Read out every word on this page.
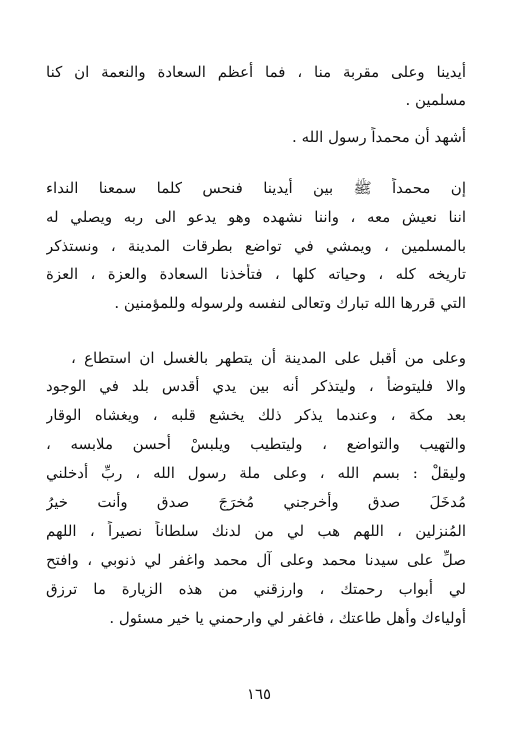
أيدينا وعلى مقربة منا ، فما أعظم السعادة والنعمة ان كنا
مسلمين .
أشهد أن محمداً رسول الله .
إن محمداً ﷺ بين أيدينا فنحس كلما سمعنا النداء
اننا نعيش معه ، واننا نشهده وهو يدعو الى ربه ويصلي له
بالمسلمين ، ويمشي في تواضع بطرقات المدينة ، ونستذكر
تاريخه كله ، وحياته كلها ، فتأخذنا السعادة والعزة ، العزة
التي قررها الله تبارك وتعالى لنفسه ولرسوله وللمؤمنين .
وعلى من أقبل على المدينة أن يتطهر بالغسل ان استطاع ،
والا فليتوضأ ، وليتذكر أنه بين يدي أقدس بلد في الوجود
بعد مكة ، وعندما يذكر ذلك يخشع قلبه ، ويغشاه الوقار
والتهيب والتواضع ، وليتطيب ويلبسْ أحسن ملابسه ،
وليقلْ : بسم الله ، وعلى ملة رسول الله ، ربِّ أدخلني
مُدخَلَ صدق وأخرجني مُخرَجَ صدق وأنت خيرُ
المُنزلين ، اللهم هب لي من لدنك سلطاناً نصيراً ، اللهم
صلِّ على سيدنا محمد وعلى آل محمد واغفر لي ذنوبي ، وافتح
لي أبواب رحمتك ، وارزقني من هذه الزيارة ما ترزق
أولياءك وأهل طاعتك ، فاغفر لي وارحمني يا خير مسئول .
١٦٥
